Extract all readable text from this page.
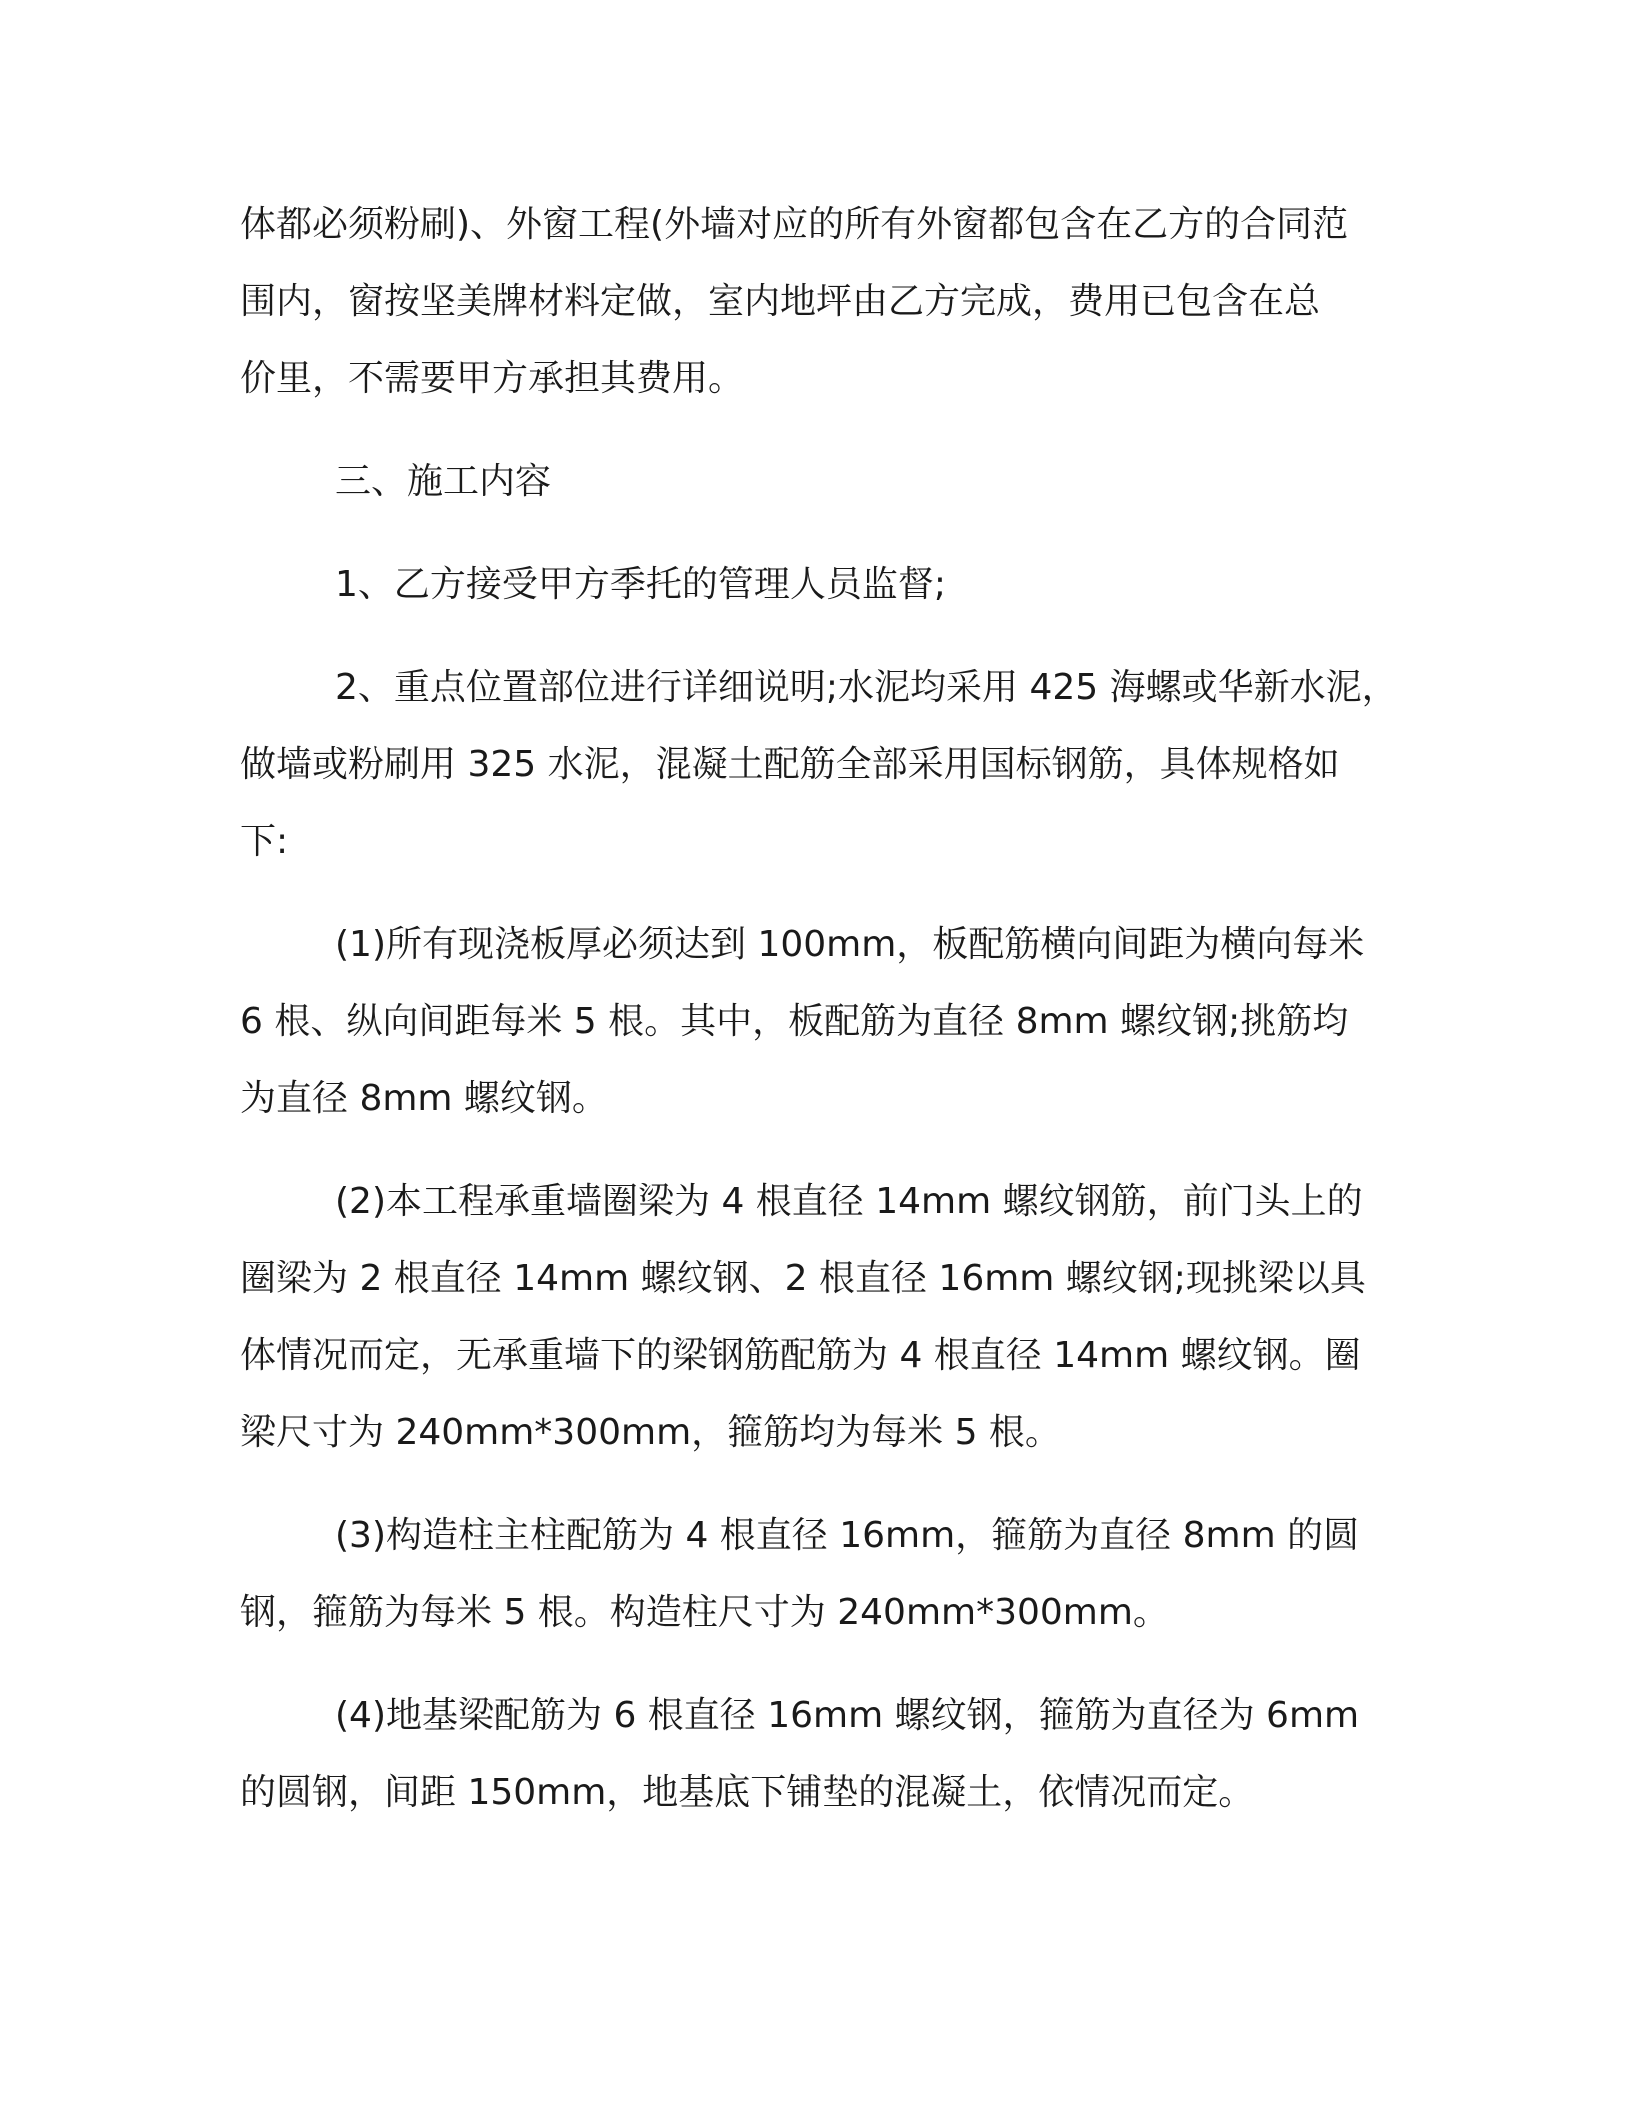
体都必须粉刷)、外窗工程(外墙对应的所有外窗都包含在乙方的合同范
围内，窗按坚美牌材料定做，室内地坪由乙方完成，费用已包含在总
价里，不需要甲方承担其费用。

三、施工内容

1、乙方接受甲方季托的管理人员监督;

2、重点位置部位进行详细说明;水泥均采用 425 海螺或华新水泥，
做墙或粉刷用 325 水泥，混凝土配筋全部采用国标钢筋，具体规格如
下:

(1)所有现浇板厚必须达到 100mm，板配筋横向间距为横向每米
6 根、纵向间距每米 5 根。其中，板配筋为直径 8mm 螺纹钢;挑筋均
为直径 8mm 螺纹钢。

(2)本工程承重墙圈梁为 4 根直径 14mm 螺纹钢筋，前门头上的
圈梁为 2 根直径 14mm 螺纹钢、2 根直径 16mm 螺纹钢;现挑梁以具
体情况而定，无承重墙下的梁钢筋配筋为 4 根直径 14mm 螺纹钢。圈
梁尺寸为 240mm*300mm，箍筋均为每米 5 根。

(3)构造柱主柱配筋为 4 根直径 16mm，箍筋为直径 8mm 的圆
钢，箍筋为每米 5 根。构造柱尺寸为 240mm*300mm。

(4)地基梁配筋为 6 根直径 16mm 螺纹钢，箍筋为直径为 6mm
的圆钢，间距 150mm，地基底下铺垫的混凝土，依情况而定。
